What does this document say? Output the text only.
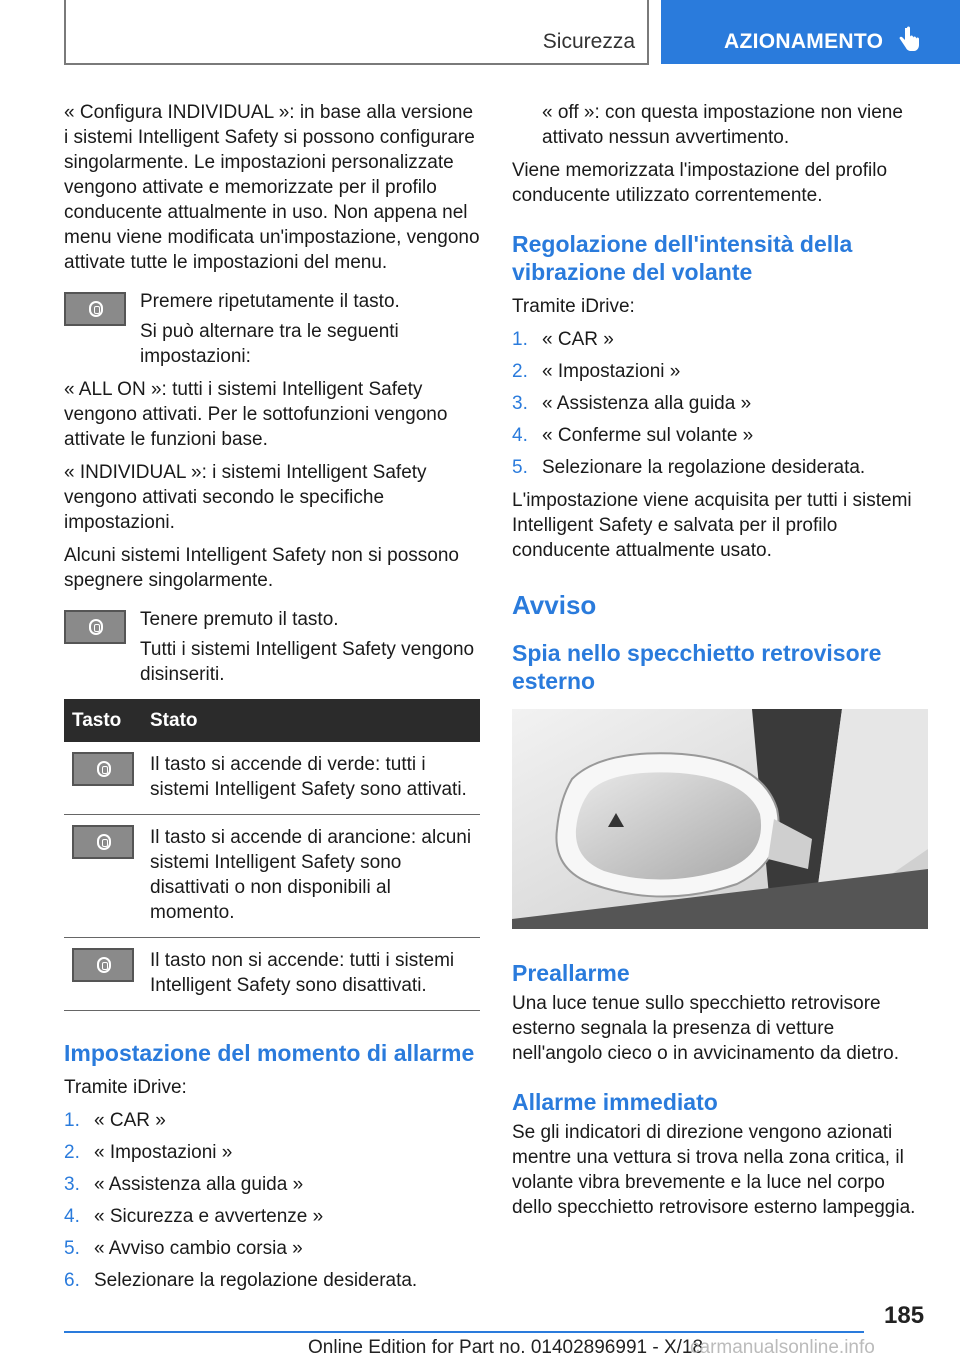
Sicurezza	AZIONAMENTO

« Configura INDIVIDUAL »: in base alla versione i sistemi Intelligent Safety si possono configurare singolarmente. Le impostazioni personalizzate vengono attivate e memorizzate per il profilo conducente attualmente in uso. Non appena nel menu viene modificata un'impostazione, vengono attivate tutte le impostazioni del menu.

Premere ripetutamente il tasto.

Si può alternare tra le seguenti impostazioni:

« ALL ON »: tutti i sistemi Intelligent Safety vengono attivati. Per le sottofunzioni vengono attivate le funzioni base.

« INDIVIDUAL »: i sistemi Intelligent Safety vengono attivati secondo le specifiche impostazioni.

Alcuni sistemi Intelligent Safety non si possono spegnere singolarmente.

Tenere premuto il tasto.

Tutti i sistemi Intelligent Safety vengono disinseriti.

Tasto	Stato

	Il tasto si accende di verde: tutti i sistemi Intelligent Safety sono attivati.

	Il tasto si accende di arancione: alcuni sistemi Intelligent Safety sono disattivati o non disponibili al momento.

	Il tasto non si accende: tutti i sistemi Intelligent Safety sono disattivati.
Impostazione del momento di allarme

Tramite iDrive:

1. « CAR »
2. « Impostazioni »
3. « Assistenza alla guida »
4. « Sicurezza e avvertenze »
5. « Avviso cambio corsia »
6. Selezionare la regolazione desiderata.

« off »: con questa impostazione non viene attivato nessun avvertimento.

Viene memorizzata l'impostazione del profilo conducente utilizzato correntemente.

Regolazione dell'intensità della vibrazione del volante

Tramite iDrive:

1. « CAR »
2. « Impostazioni »
3. « Assistenza alla guida »
4. « Conferme sul volante »
5. Selezionare la regolazione desiderata.

L'impostazione viene acquisita per tutti i sistemi Intelligent Safety e salvata per il profilo conducente attualmente usato.

Avviso
Spia nello specchietto retrovisore esterno
Preallarme

Una luce tenue sullo specchietto retrovisore esterno segnala la presenza di vetture nell'angolo cieco o in avvicinamento da dietro.

Allarme immediato

Se gli indicatori di direzione vengono azionati mentre una vettura si trova nella zona critica, il volante vibra brevemente e la luce nel corpo dello specchietto retrovisore esterno lampeggia.

185
Online Edition for Part no. 01402896991 - X/18
carmanualsonline.info
